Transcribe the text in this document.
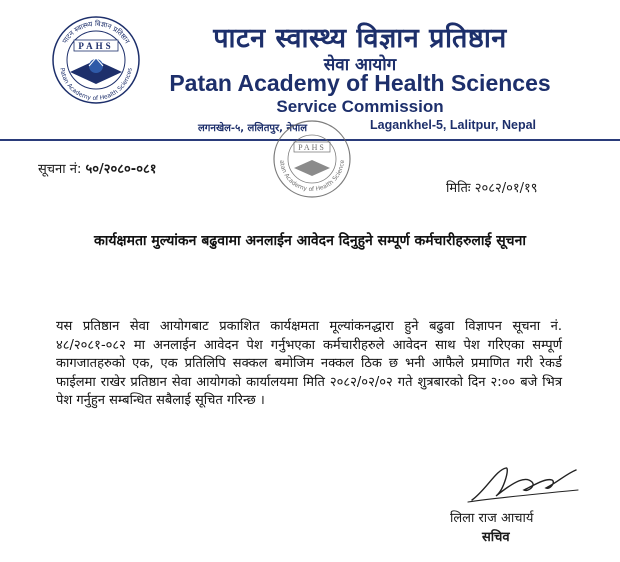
पाटन स्वास्थ्य विज्ञान प्रतिष्ठान
Patan Academy of Health Sciences
PAHS	पाटन स्वास्थ्य विज्ञान प्रतिष्ठान
सेवा आयोग
Patan Academy of Health Sciences
Service Commission
लगनखेल-५, ललितपुर, नेपाल	Lagankhel-5, Lalitpur, Nepal
atan Academy of Health Science
PAHS
सूचना नं: ५०/२०८०-०८१
मितिः २०८२/०१/१९
कार्यक्षमता मुल्यांकन बढुवामा अनलाईन आवेदन दिनुहुने सम्पूर्ण कर्मचारीहरुलाई सूचना
यस प्रतिष्ठान सेवा आयोगबाट प्रकाशित कार्यक्षमता मूल्यांकनद्धारा हुने बढुवा विज्ञापन सूचना नं. ४८/२०८१-०८२ मा अनलाईन आवेदन पेश गर्नुभएका कर्मचारीहरुले आवेदन साथ पेश गरिएका सम्पूर्ण कागजातहरुको एक, एक प्रतिलिपि सक्कल बमोजिम नक्कल ठिक छ भनी आफैले प्रमाणित गरी रेकर्ड फाईलमा राखेर प्रतिष्ठान सेवा आयोगको कार्यालयमा मिति २०८२/०२/०२ गते शुत्रबारको दिन २:०० बजे भित्र पेश गर्नुहुन सम्बन्धित सबैलाई सूचित गरिन्छ ।
लिला राज आचार्य
सचिव
